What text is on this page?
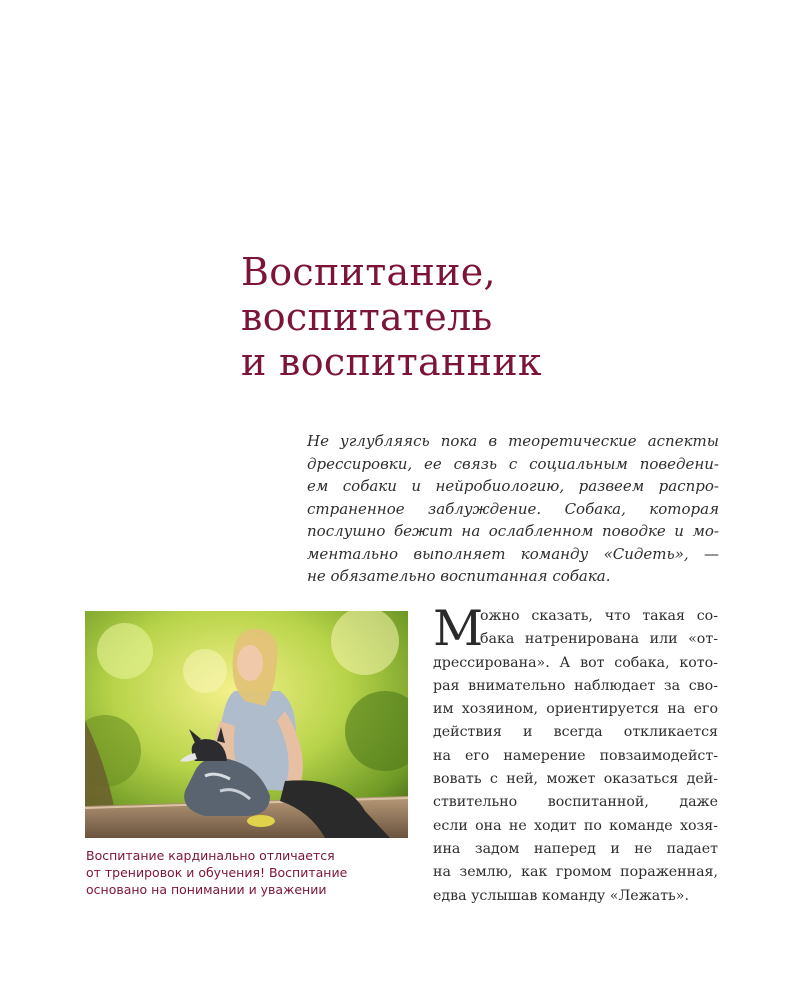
Воспитание,
воспитатель
и воспитанник
Не углубляясь пока в теоретические аспекты
дрессировки, ее связь с социальным поведени-
ем собаки и нейробиологию, развеем распро-
страненное заблуждение. Собака, которая
послушно бежит на ослабленном поводке и мо-
ментально выполняет команду «Сидеть», —
не обязательно воспитанная собака.
Воспитание кардинально отличается
от тренировок и обучения! Воспитание
основано на понимании и уважении
М
ожно сказать, что такая со-
бака натренирована или «от-
дрессирована». А вот собака, кото-
рая внимательно наблюдает за сво-
им хозяином, ориентируется на его
действия и всегда откликается
на его намерение повзаимодейст-
вовать с ней, может оказаться дей-
ствительно воспитанной, даже
если она не ходит по команде хозя-
ина задом наперед и не падает
на землю, как громом пораженная,
едва услышав команду «Лежать».
